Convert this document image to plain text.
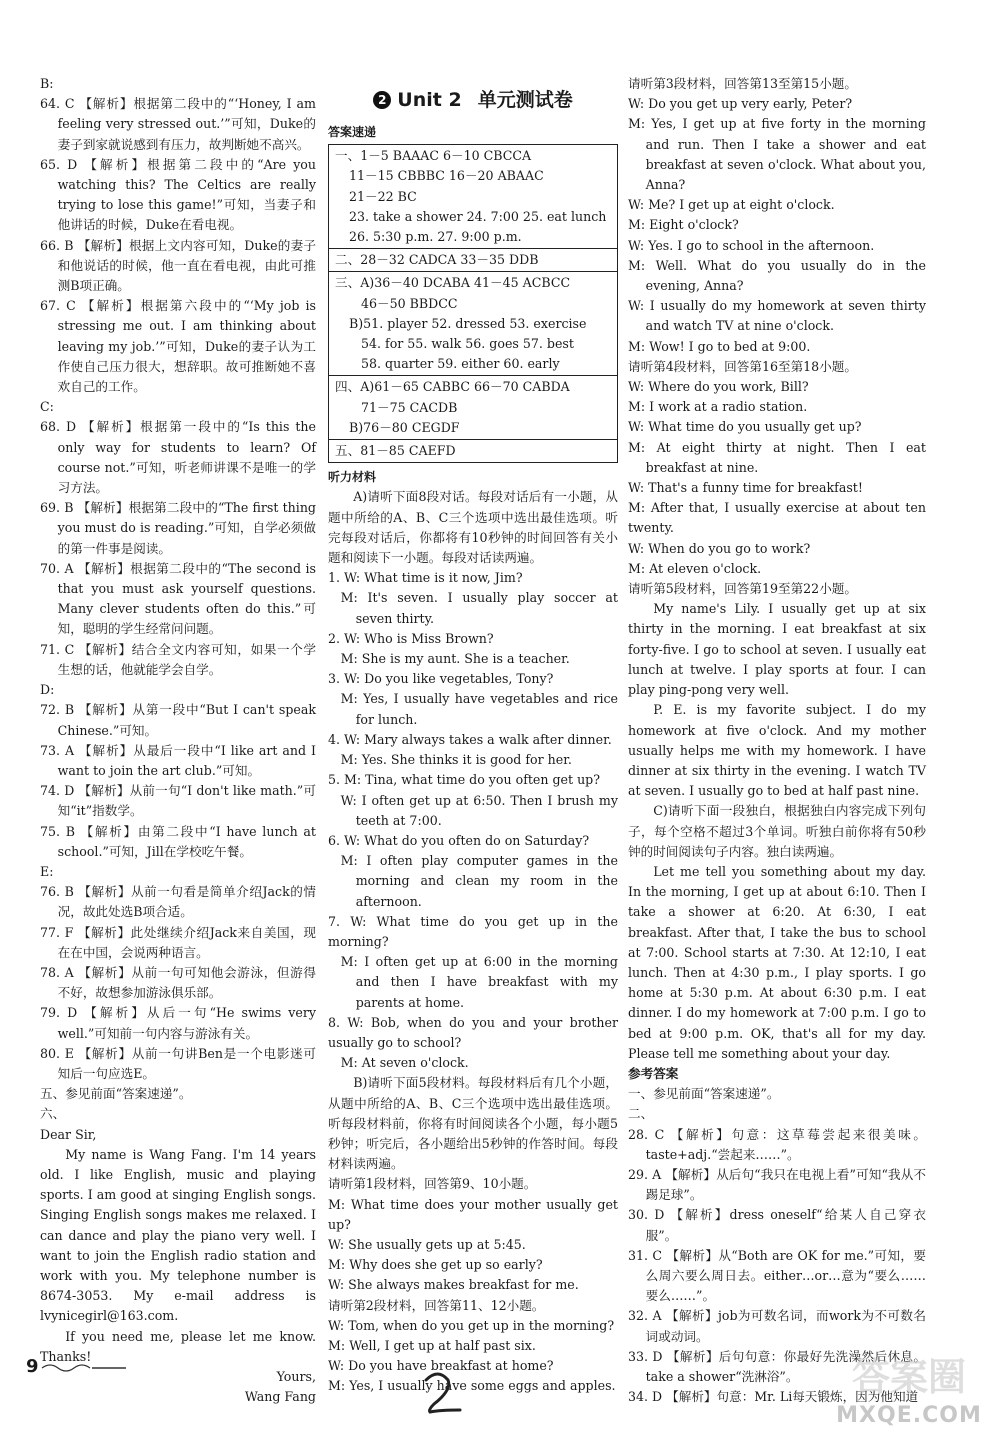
B:

64. C 【解析】根据第二段中的“‘Honey, I am feeling very stressed out.’”可知，Duke的妻子到家就说感到有压力，故判断她不高兴。

65. D 【解析】根据第二段中的“Are you watching this? The Celtics are really trying to lose this game!”可知，当妻子和他讲话的时候，Duke在看电视。

66. B 【解析】根据上文内容可知，Duke的妻子和他说话的时候，他一直在看电视，由此可推测B项正确。

67. C 【解析】根据第六段中的“‘My job is stressing me out. I am thinking about leaving my job.’”可知，Duke的妻子认为工作使自己压力很大，想辞职。故可推断她不喜欢自己的工作。

C:

68. D 【解析】根据第一段中的“Is this the only way for students to learn? Of course not.”可知，听老师讲课不是唯一的学习方法。

69. B 【解析】根据第二段中的“The first thing you must do is reading.”可知，自学必须做的第一件事是阅读。

70. A 【解析】根据第二段中的“The second is that you must ask yourself questions. Many clever students often do this.”可知，聪明的学生经常问问题。

71. C 【解析】结合全文内容可知，如果一个学生想的话，他就能学会自学。

D:

72. B 【解析】从第一段中“But I can't speak Chinese.”可知。

73. A 【解析】从最后一段中“I like art and I want to join the art club.”可知。

74. D 【解析】从前一句“I don't like math.”可知“it”指数学。

75. B 【解析】由第二段中“I have lunch at school.”可知，Jill在学校吃午餐。

E:

76. B 【解析】从前一句看是简单介绍Jack的情况，故此处选B项合适。

77. F 【解析】此处继续介绍Jack来自美国，现在在中国，会说两种语言。

78. A 【解析】从前一句可知他会游泳，但游得不好，故想参加游泳俱乐部。

79. D 【解析】从后一句“He swims very well.”可知前一句内容与游泳有关。

80. E 【解析】从前一句讲Ben是一个电影迷可知后一句应选E。

五、参见前面“答案速递”。

六、

Dear Sir,

My name is Wang Fang. I'm 14 years old. I like English, music and playing sports. I am good at singing English songs. Singing English songs makes me relaxed. I can dance and play the piano very well. I want to join the English radio station and work with you. My telephone number is 8674-3053. My e-mail address is lvynicegirl@163.com.

If you need me, please let me know. Thanks!

Yours,

Wang Fang

2 Unit 2 单元测试卷

答案速递

一、1－5 BAAAC 6－10 CBCCA

11－15 CBBBC 16－20 ABAAC

21－22 BC

23. take a shower 24. 7:00 25. eat lunch

26. 5:30 p.m. 27. 9:00 p.m.

二、28－32 CADCA 33－35 DDB

三、A)36－40 DCABA 41－45 ACBCC

46－50 BBDCC

B)51. player 52. dressed 53. exercise

54. for 55. walk 56. goes 57. best

58. quarter 59. either 60. early

四、A)61－65 CABBC 66－70 CABDA

71－75 CACDB

B)76－80 CEGDF

五、81－85 CAEFD

听力材料

A)请听下面8段对话。每段对话后有一小题，从题中所给的A、B、C三个选项中选出最佳选项。听完每段对话后，你都将有10秒钟的时间回答有关小题和阅读下一小题。每段对话读两遍。

1. W: What time is it now, Jim?

M: It's seven. I usually play soccer at seven thirty.

2. W: Who is Miss Brown?

M: She is my aunt. She is a teacher.

3. W: Do you like vegetables, Tony?

M: Yes, I usually have vegetables and rice for lunch.

4. W: Mary always takes a walk after dinner.

M: Yes. She thinks it is good for her.

5. M: Tina, what time do you often get up?

W: I often get up at 6:50. Then I brush my teeth at 7:00.

6. W: What do you often do on Saturday?

M: I often play computer games in the morning and clean my room in the afternoon.

7. W: What time do you get up in the morning?

M: I often get up at 6:00 in the morning and then I have breakfast with my parents at home.

8. W: Bob, when do you and your brother usually go to school?

M: At seven o'clock.

B)请听下面5段材料。每段材料后有几个小题，从题中所给的A、B、C三个选项中选出最佳选项。听每段材料前，你将有时间阅读各个小题，每小题5秒钟；听完后，各小题给出5秒钟的作答时间。每段材料读两遍。

请听第1段材料，回答第9、10小题。

M: What time does your mother usually get up?

W: She usually gets up at 5:45.

M: Why does she get up so early?

W: She always makes breakfast for me.

请听第2段材料，回答第11、12小题。

W: Tom, when do you get up in the morning?

M: Well, I get up at half past six.

W: Do you have breakfast at home?

M: Yes, I usually have some eggs and apples.

请听第3段材料，回答第13至第15小题。

W: Do you get up very early, Peter?

M: Yes, I get up at five forty in the morning and run. Then I take a shower and eat breakfast at seven o'clock. What about you, Anna?

W: Me? I get up at eight o'clock.

M: Eight o'clock?

W: Yes. I go to school in the afternoon.

M: Well. What do you usually do in the evening, Anna?

W: I usually do my homework at seven thirty and watch TV at nine o'clock.

M: Wow! I go to bed at 9:00.

请听第4段材料，回答第16至第18小题。

W: Where do you work, Bill?

M: I work at a radio station.

W: What time do you usually get up?

M: At eight thirty at night. Then I eat breakfast at nine.

W: That's a funny time for breakfast!

M: After that, I usually exercise at about ten twenty.

W: When do you go to work?

M: At eleven o'clock.

请听第5段材料，回答第19至第22小题。

My name's Lily. I usually get up at six thirty in the morning. I eat breakfast at six forty-five. I go to school at seven. I usually eat lunch at twelve. I play sports at four. I can play ping-pong very well.

P. E. is my favorite subject. I do my homework at five o'clock. And my mother usually helps me with my homework. I have dinner at six thirty in the evening. I watch TV at seven. I usually go to bed at half past nine.

C)请听下面一段独白，根据独白内容完成下列句子，每个空格不超过3个单词。听独白前你将有50秒钟的时间阅读句子内容。独白读两遍。

Let me tell you something about my day. In the morning, I get up at about 6:10. Then I take a shower at 6:20. At 6:30, I eat breakfast. After that, I take the bus to school at 7:00. School starts at 7:30. At 12:10, I eat lunch. Then at 4:30 p.m., I play sports. I go home at 5:30 p.m. At about 6:30 p.m. I eat dinner. I do my homework at 7:00 p.m. I go to bed at 9:00 p.m. OK, that's all for my day. Please tell me something about your day.

参考答案

一、参见前面“答案速递”。

二、

28. C 【解析】句意：这草莓尝起来很美味。taste+adj.“尝起来……”。

29. A 【解析】从后句“我只在电视上看”可知“我从不踢足球”。

30. D 【解析】dress oneself“给某人自己穿衣服”。

31. C 【解析】从“Both are OK for me.”可知，要么周六要么周日去。either…or…意为“要么……要么……”。

32. A 【解析】job为可数名词，而work为不可数名词或动词。

33. D 【解析】后句句意：你最好先洗澡然后休息。take a shower“洗淋浴”。

34. D 【解析】句意：Mr. Li每天锻炼，因为他知道

9	答案圈
MXQE.COM
